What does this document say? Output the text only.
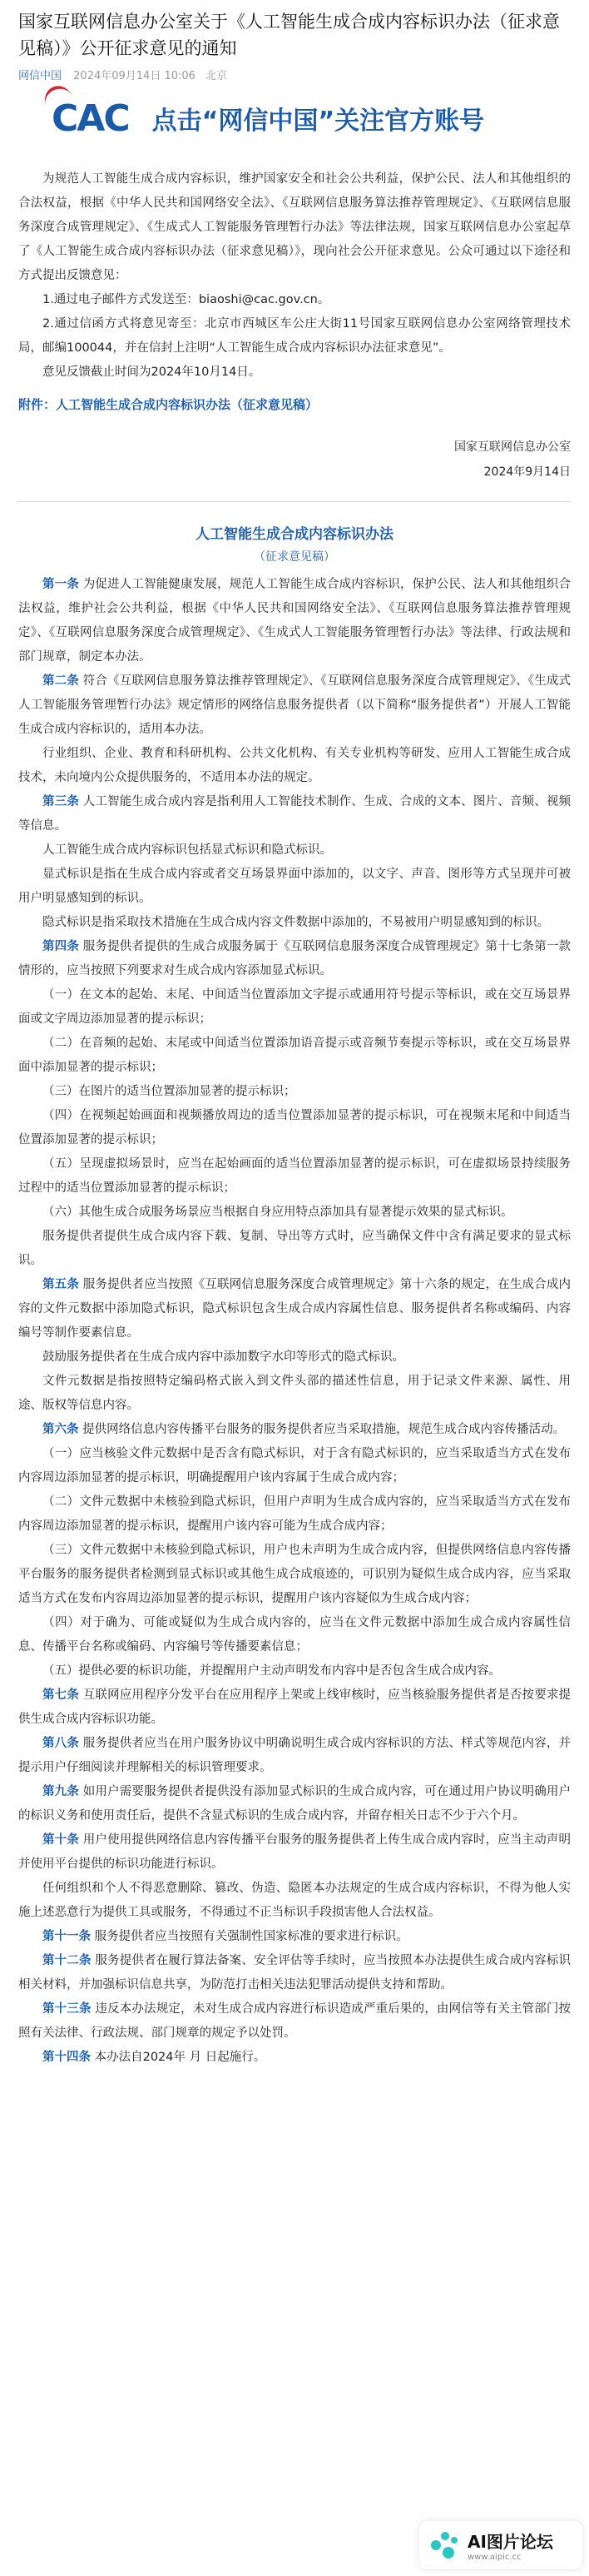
国家互联网信息办公室关于《人工智能生成合成内容标识办法（征求意见稿）》公开征求意见的通知
网信中国 2024年09月14日 10:06 北京
CAC 点击“网信中国”关注官方账号

为规范人工智能生成合成内容标识，维护国家安全和社会公共利益，保护公民、法人和其他组织的合法权益，根据《中华人民共和国网络安全法》、《互联网信息服务算法推荐管理规定》、《互联网信息服务深度合成管理规定》、《生成式人工智能服务管理暂行办法》等法律法规，国家互联网信息办公室起草了《人工智能生成合成内容标识办法（征求意见稿）》，现向社会公开征求意见。公众可通过以下途径和方式提出反馈意见：

1.通过电子邮件方式发送至：biaoshi@cac.gov.cn。

2.通过信函方式将意见寄至：北京市西城区车公庄大街11号国家互联网信息办公室网络管理技术局，邮编100044，并在信封上注明“人工智能生成合成内容标识办法征求意见”。

意见反馈截止时间为2024年10月14日。

附件：人工智能生成合成内容标识办法（征求意见稿）

国家互联网信息办公室

2024年9月14日

人工智能生成合成内容标识办法
（征求意见稿）

第一条 为促进人工智能健康发展，规范人工智能生成合成内容标识，保护公民、法人和其他组织合法权益，维护社会公共利益，根据《中华人民共和国网络安全法》、《互联网信息服务算法推荐管理规定》、《互联网信息服务深度合成管理规定》、《生成式人工智能服务管理暂行办法》等法律、行政法规和部门规章，制定本办法。

第二条 符合《互联网信息服务算法推荐管理规定》、《互联网信息服务深度合成管理规定》、《生成式人工智能服务管理暂行办法》规定情形的网络信息服务提供者（以下简称“服务提供者”）开展人工智能生成合成内容标识的，适用本办法。

行业组织、企业、教育和科研机构、公共文化机构、有关专业机构等研发、应用人工智能生成合成技术，未向境内公众提供服务的，不适用本办法的规定。

第三条 人工智能生成合成内容是指利用人工智能技术制作、生成、合成的文本、图片、音频、视频等信息。

人工智能生成合成内容标识包括显式标识和隐式标识。

显式标识是指在生成合成内容或者交互场景界面中添加的，以文字、声音、图形等方式呈现并可被用户明显感知到的标识。

隐式标识是指采取技术措施在生成合成内容文件数据中添加的，不易被用户明显感知到的标识。

第四条 服务提供者提供的生成合成服务属于《互联网信息服务深度合成管理规定》第十七条第一款情形的，应当按照下列要求对生成合成内容添加显式标识。

（一）在文本的起始、末尾、中间适当位置添加文字提示或通用符号提示等标识，或在交互场景界面或文字周边添加显著的提示标识；

（二）在音频的起始、末尾或中间适当位置添加语音提示或音频节奏提示等标识，或在交互场景界面中添加显著的提示标识；

（三）在图片的适当位置添加显著的提示标识；

（四）在视频起始画面和视频播放周边的适当位置添加显著的提示标识，可在视频末尾和中间适当位置添加显著的提示标识；

（五）呈现虚拟场景时，应当在起始画面的适当位置添加显著的提示标识，可在虚拟场景持续服务过程中的适当位置添加显著的提示标识；

（六）其他生成合成服务场景应当根据自身应用特点添加具有显著提示效果的显式标识。

服务提供者提供生成合成内容下载、复制、导出等方式时，应当确保文件中含有满足要求的显式标识。

第五条 服务提供者应当按照《互联网信息服务深度合成管理规定》第十六条的规定，在生成合成内容的文件元数据中添加隐式标识，隐式标识包含生成合成内容属性信息、服务提供者名称或编码、内容编号等制作要素信息。

鼓励服务提供者在生成合成内容中添加数字水印等形式的隐式标识。

文件元数据是指按照特定编码格式嵌入到文件头部的描述性信息，用于记录文件来源、属性、用途、版权等信息内容。

第六条 提供网络信息内容传播平台服务的服务提供者应当采取措施，规范生成合成内容传播活动。

（一）应当核验文件元数据中是否含有隐式标识，对于含有隐式标识的，应当采取适当方式在发布内容周边添加显著的提示标识，明确提醒用户该内容属于生成合成内容；

（二）文件元数据中未核验到隐式标识，但用户声明为生成合成内容的，应当采取适当方式在发布内容周边添加显著的提示标识，提醒用户该内容可能为生成合成内容；

（三）文件元数据中未核验到隐式标识，用户也未声明为生成合成内容，但提供网络信息内容传播平台服务的服务提供者检测到显式标识或其他生成合成痕迹的，可识别为疑似生成合成内容，应当采取适当方式在发布内容周边添加显著的提示标识，提醒用户该内容疑似为生成合成内容；

（四）对于确为、可能或疑似为生成合成内容的，应当在文件元数据中添加生成合成内容属性信息、传播平台名称或编码、内容编号等传播要素信息；

（五）提供必要的标识功能，并提醒用户主动声明发布内容中是否包含生成合成内容。

第七条 互联网应用程序分发平台在应用程序上架或上线审核时，应当核验服务提供者是否按要求提供生成合成内容标识功能。

第八条 服务提供者应当在用户服务协议中明确说明生成合成内容标识的方法、样式等规范内容，并提示用户仔细阅读并理解相关的标识管理要求。

第九条 如用户需要服务提供者提供没有添加显式标识的生成合成内容，可在通过用户协议明确用户的标识义务和使用责任后，提供不含显式标识的生成合成内容，并留存相关日志不少于六个月。

第十条 用户使用提供网络信息内容传播平台服务的服务提供者上传生成合成内容时，应当主动声明并使用平台提供的标识功能进行标识。

任何组织和个人不得恶意删除、篡改、伪造、隐匿本办法规定的生成合成内容标识，不得为他人实施上述恶意行为提供工具或服务，不得通过不正当标识手段损害他人合法权益。

第十一条 服务提供者应当按照有关强制性国家标准的要求进行标识。

第十二条 服务提供者在履行算法备案、安全评估等手续时，应当按照本办法提供生成合成内容标识相关材料，并加强标识信息共享，为防范打击相关违法犯罪活动提供支持和帮助。

第十三条 违反本办法规定，未对生成合成内容进行标识造成严重后果的，由网信等有关主管部门按照有关法律、行政法规、部门规章的规定予以处罚。

第十四条 本办法自2024年 月 日起施行。

AI图片论坛
www.aipic.cc
